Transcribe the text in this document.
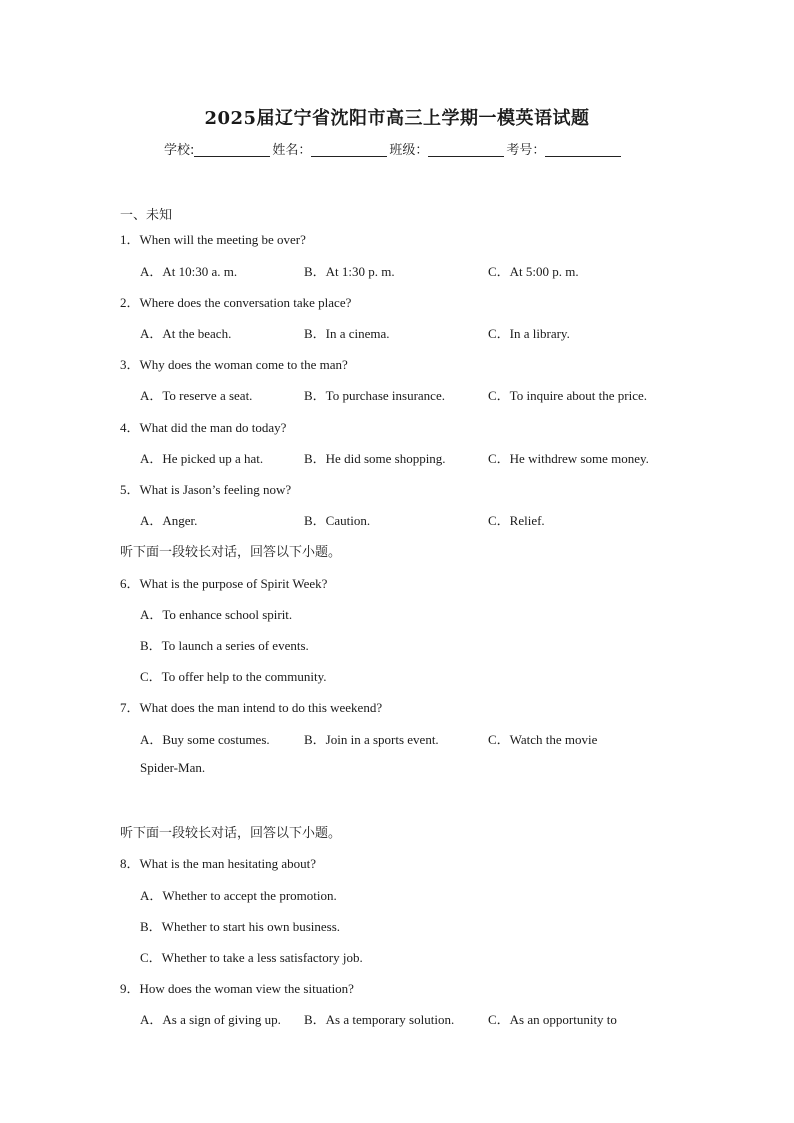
2025届辽宁省沈阳市高三上学期一模英语试题
学校:	姓名：	班级：	考号：
一、未知
1．When will the meeting be over?
A．At 10:30 a. m.	B．At 1:30 p. m.	C．At 5:00 p. m.
2．Where does the conversation take place?
A．At the beach.	B．In a cinema.	C．In a library.
3．Why does the woman come to the man?
A．To reserve a seat.	B．To purchase insurance.	C．To inquire about the price.
4．What did the man do today?
A．He picked up a hat.	B．He did some shopping.	C．He withdrew some money.
5．What is Jason’s feeling now?
A．Anger.	B．Caution.	C．Relief.
听下面一段较长对话，回答以下小题。
6．What is the purpose of Spirit Week?
A．To enhance school spirit.
B．To launch a series of events.
C．To offer help to the community.
7．What does the man intend to do this weekend?
A．Buy some costumes.	B．Join in a sports event.	C．Watch the movie
Spider-Man.
听下面一段较长对话，回答以下小题。
8．What is the man hesitating about?
A．Whether to accept the promotion.
B．Whether to start his own business.
C．Whether to take a less satisfactory job.
9．How does the woman view the situation?
A．As a sign of giving up. B．As a temporary solution.	C．As an opportunity to
